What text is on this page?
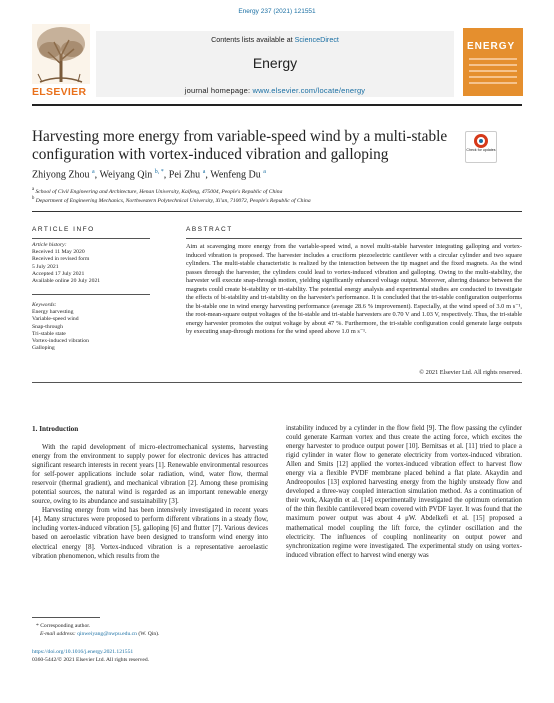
Energy 237 (2021) 121551
ELSEVIER
Contents lists available at ScienceDirect
Energy
journal homepage: www.elsevier.com/locate/energy
ENERGY
Harvesting more energy from variable-speed wind by a multi-stable configuration with vortex-induced vibration and galloping	Check for updates
Zhiyong Zhou $^a$, Weiyang Qin $^{b, *}$, Pei Zhu $^a$, Wenfeng Du $^a$
$^a$ School of Civil Engineering and Architecture, Henan University, Kaifeng, 475004, People's Republic of China
$^b$ Department of Engineering Mechanics, Northwestern Polytechnical University, Xi'an, 710072, People's Republic of China
ARTICLE INFO
Article history:
Received 11 May 2020
Received in revised form
5 July 2021
Accepted 17 July 2021
Available online 20 July 2021
Keywords:
Energy harvesting
Variable-speed wind
Snap-through
Tri-stable state
Vortex-induced vibration
Galloping
ABSTRACT
Aim at scavenging more energy from the variable-speed wind, a novel multi-stable harvester integrating galloping and vortex-induced vibration is proposed. The harvester includes a cruciform piezoelectric cantilever with a circular cylinder and two square cylinders. The multi-stable characteristic is realized by the interaction between the tip magnet and the fixed magnets. As the wind passes through the harvester, the cylinders could lead to vortex-induced vibration and galloping. Owing to the multi-stability, the harvester will execute snap-through motion, yielding significantly enhanced voltage output. Moreover, altering distance between the magnets could create bi-stability or tri-stability. The potential energy analysis and experimental studies are conducted to investigate the effects of bi-stability and tri-stability on the harvester's performance. It is concluded that the tri-stable configuration outperforms the bi-stable one in wind energy harvesting performance (average 28.6 % improvement). Especially, at the wind speed of 3.0 m s⁻¹, the root-mean-square output voltages of the bi-stable and tri-stable harvesters are 0.70 V and 1.03 V, respectively. Thus, the tri-stable energy harvester promotes the output voltage by about 47 %. Furthermore, the tri-stable configuration could generate large outputs by executing snap-through motions for the wind speed above 1.0 m s⁻¹.
© 2021 Elsevier Ltd. All rights reserved.
1. Introduction

With the rapid development of micro-electromechanical systems, harvesting energy from the environment to supply power for electronic devices has attracted significant research interests in recent years [1]. Renewable environmental resources for self-power applications include solar radiation, wind, water flow, thermal reservoir (thermal gradient), and mechanical vibration [2]. Among these promising potential sources, the natural wind is regarded as an important renewable energy source, owing to its abundance and sustainability [3].

Harvesting energy from wind has been intensively investigated in recent years [4]. Many structures were proposed to perform different vibrations in a steady flow, including vortex-induced vibration [5], galloping [6] and flutter [7]. Various devices based on aeroelastic vibration have been designed to transform wind energy into electrical energy [8]. Vortex-induced vibration is a representative aeroelastic vibration phenomenon, which results from the

instability induced by a cylinder in the flow field [9]. The flow passing the cylinder could generate Karman vortex and thus create the acting force, which excites the energy harvester to produce output power [10]. Bernitsas et al. [11] tried to place a rigid cylinder in water flow to generate electricity from vortex-induced vibration. Allen and Smits [12] applied the vortex-induced vibration effect to harvest flow energy via a flexible PVDF membrane placed behind a flat plate. Akaydin and Andreopoulos [13] explored harvesting energy from the highly unsteady flow and developed a three-way coupled interaction simulation method. As a continuation of their work, Akaydin et al. [14] experimentally investigated the optimum orientation of the thin flexible cantilevered beam covered with PVDF layer. It was found that the maximum power output was about 4 μW. Abdelkefi et al. [15] proposed a mathematical model coupling the lift force, the cylinder oscillation and the electricity. The influences of coupling nonlinearity on output power and synchronization regime were investigated. The experimental study on using vortex-induced vibration effect to harvest wind energy was

* Corresponding author.
E-mail address: qinweiyang@nwpu.edu.cn (W. Qin).
https://doi.org/10.1016/j.energy.2021.121551
0360-5442/© 2021 Elsevier Ltd. All rights reserved.
